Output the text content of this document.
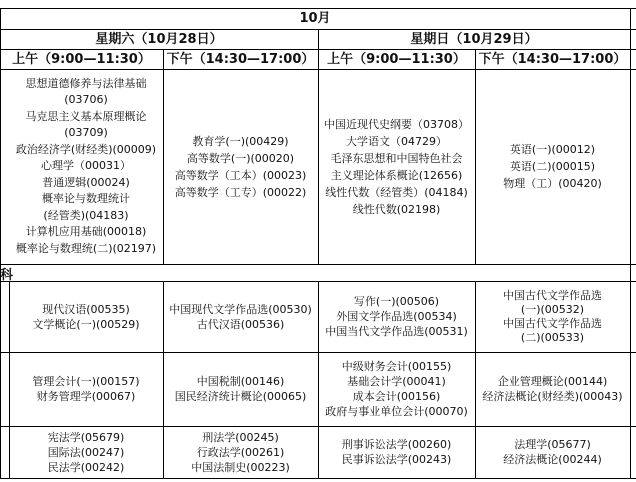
10月
星期六（10月28日）	星期日（10月29日）
上午（9:00—11:30） 下午（14:30—17:00） 上午（9:00—11:30） 下午（14:30—17:00）
科
思想道德修养与法律基础
(03706)
马克思主义基本原理概论
(03709)
政治经济学(财经类)(00009)
心理学（00031）
普通逻辑(00024)
概率论与数理统计
(经管类)(04183)
计算机应用基础(00018)
概率论与数理统(二)(02197)
教育学(一)(00429)
高等数学(一)(00020)
高等数学（工本）(00023)
高等数学（工专）(00022)
中国近现代史纲要（03708）
大学语文（04729）
毛泽东思想和中国特色社会
主义理论体系概论(12656)
线性代数（经管类）(04184)
线性代数(02198)
英语(一)(00012)
英语(二)(00015)
物理（工）(00420)
现代汉语(00535)
文学概论(一)(00529)
中国现代文学作品选(00530)
古代汉语(00536)
写作(一)(00506)
外国文学作品选(00534)
中国当代文学作品选(00531)
中国古代文学作品选
(一)(00532)
中国古代文学作品选
(二)(00533)
管理会计(一)(00157)
财务管理学(00067)
中国税制(00146)
国民经济统计概论(00065)
中级财务会计(00155)
基础会计学(00041)
成本会计(00156)
政府与事业单位会计(00070)
企业管理概论(00144)
经济法概论(财经类)(00043)
宪法学(05679)
国际法(00247)
民法学(00242)
刑法学(00245)
行政法学(00261)
中国法制史(00223)
刑事诉讼法学(00260)
民事诉讼法学(00243)
法理学(05677)
经济法概论(00244)
